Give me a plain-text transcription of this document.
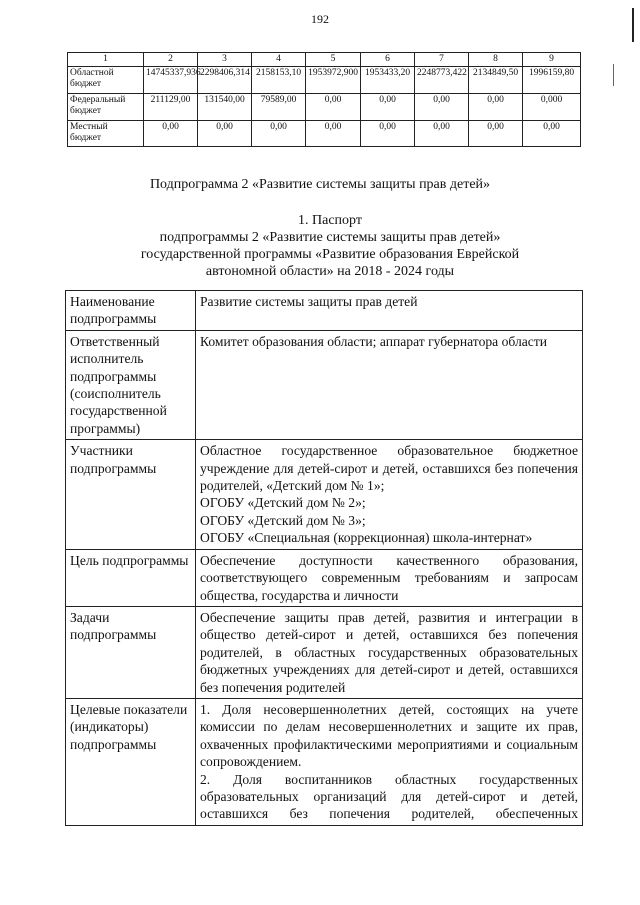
192
1	2	3	4	5	6	7	8	9
Областной бюджет	14745337,936	2298406,314	2158153,10	1953972,900	1953433,20	2248773,422	2134849,50	1996159,80
Федеральный бюджет	211129,00	131540,00	79589,00	0,00	0,00	0,00	0,00	0,000
Местный бюджет	0,00	0,00	0,00	0,00	0,00	0,00	0,00	0,00
Подпрограмма 2 «Развитие системы защиты прав детей»
1. Паспорт
подпрограммы 2 «Развитие системы защиты прав детей»
государственной программы «Развитие образования Еврейской
автономной области» на 2018 - 2024 годы
Наименование подпрограммы	Развитие системы защиты прав детей
Ответственный исполнитель подпрограммы (соисполнитель государственной программы)	Комитет образования области; аппарат губернатора области
Участники подпрограммы	Областное государственное образовательное бюджетное учреждение для детей-сирот и детей, оставшихся без попечения родителей, «Детский дом № 1»;

ОГОБУ «Детский дом № 2»;

ОГОБУ «Детский дом № 3»;

ОГОБУ «Специальная (коррекционная) школа-интернат»

Цель подпрограммы	Обеспечение доступности качественного образования, соответствующего современным требованиям и запросам общества, государства и личности

Задачи подпрограммы	Обеспечение защиты прав детей, развития и интеграции в общество детей-сирот и детей, оставшихся без попечения родителей, в областных государственных образовательных бюджетных учреждениях для детей-сирот и детей, оставшихся без попечения родителей

Целевые показатели (индикаторы) подпрограммы	1. Доля несовершеннолетних детей, состоящих на учете комиссии по делам несовершеннолетних и защите их прав, охваченных профилактическими мероприятиями и социальным сопровождением.

2. Доля воспитанников областных государственных образовательных организаций для детей-сирот и детей, оставшихся без попечения родителей, обеспеченных
